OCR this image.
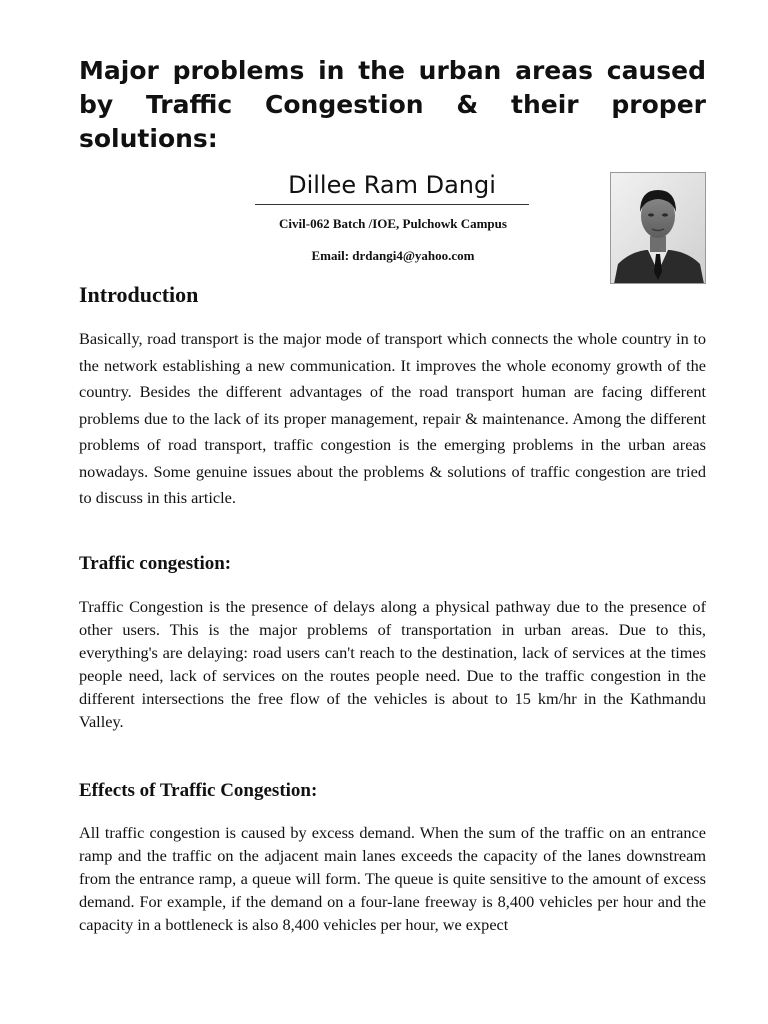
Major problems in the urban areas caused by Traffic Congestion & their proper solutions:
Dillee Ram Dangi
Civil-062 Batch /IOE, Pulchowk Campus
Email: drdangi4@yahoo.com
Introduction

Basically, road transport is the major mode of transport which connects the whole country in to the network establishing a new communication. It improves the whole economy growth of the country. Besides the different advantages of the road transport human are facing different problems due to the lack of its proper management, repair & maintenance. Among the different problems of road transport, traffic congestion is the emerging problems in the urban areas nowadays. Some genuine issues about the problems & solutions of traffic congestion are tried to discuss in this article.

Traffic congestion:

Traffic Congestion is the presence of delays along a physical pathway due to the presence of other users. This is the major problems of transportation in urban areas. Due to this, everything's are delaying: road users can't reach to the destination, lack of services at the times people need, lack of services on the routes people need. Due to the traffic congestion in the different intersections the free flow of the vehicles is about to 15 km/hr in the Kathmandu Valley.

Effects of Traffic Congestion:

All traffic congestion is caused by excess demand. When the sum of the traffic on an entrance ramp and the traffic on the adjacent main lanes exceeds the capacity of the lanes downstream from the entrance ramp, a queue will form. The queue is quite sensitive to the amount of excess demand. For example, if the demand on a four-lane freeway is 8,400 vehicles per hour and the capacity in a bottleneck is also 8,400 vehicles per hour, we expect
